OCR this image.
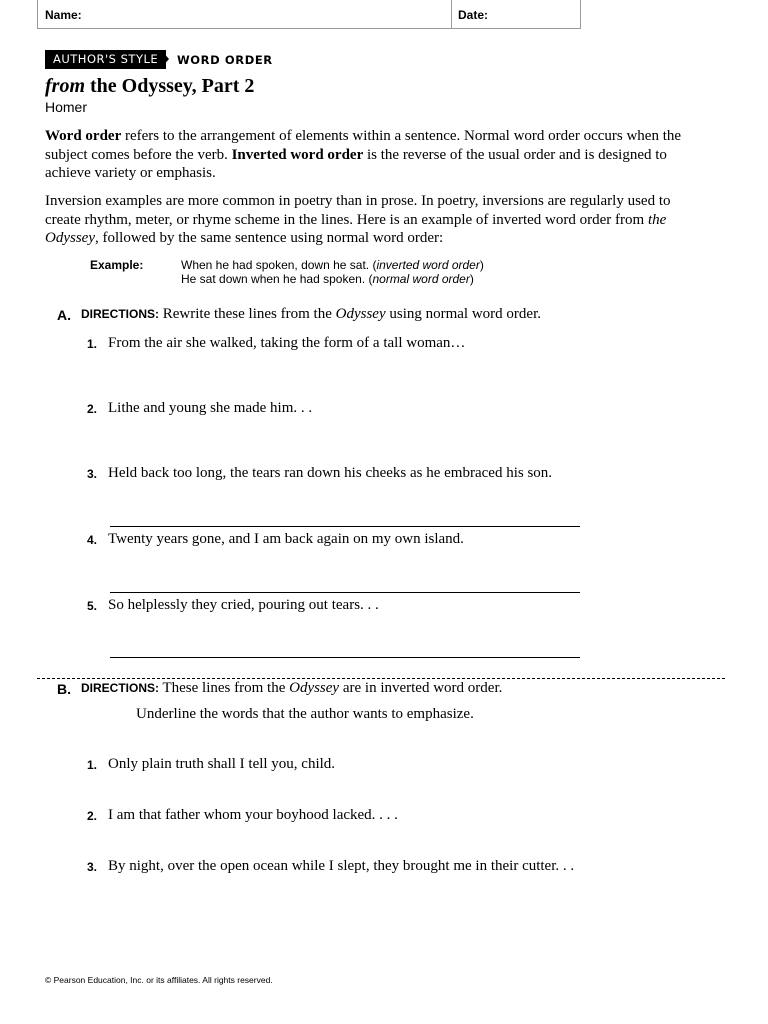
Name:	Date:
AUTHOR'S STYLE	WORD ORDER
from the Odyssey, Part 2
Homer
Word order refers to the arrangement of elements within a sentence. Normal word order occurs when the subject comes before the verb. Inverted word order is the reverse of the usual order and is designed to achieve variety or emphasis.
Inversion examples are more common in poetry than in prose. In poetry, inversions are regularly used to create rhythm, meter, or rhyme scheme in the lines. Here is an example of inverted word order from the Odyssey, followed by the same sentence using normal word order:
Example:	When he had spoken, down he sat. (inverted word order)
He sat down when he had spoken. (normal word order)
A. DIRECTIONS: Rewrite these lines from the Odyssey using normal word order.
1. From the air she walked, taking the form of a tall woman…
2. Lithe and young she made him. . .
3. Held back too long, the tears ran down his cheeks as he embraced his son.
4. Twenty years gone, and I am back again on my own island.
5. So helplessly they cried, pouring out tears. . .
B. DIRECTIONS: These lines from the Odyssey are in inverted word order.
Underline the words that the author wants to emphasize.
1. Only plain truth shall I tell you, child.
2. I am that father whom your boyhood lacked. . . .
3. By night, over the open ocean while I slept, they brought me in their cutter. . .
© Pearson Education, Inc. or its affiliates. All rights reserved.
